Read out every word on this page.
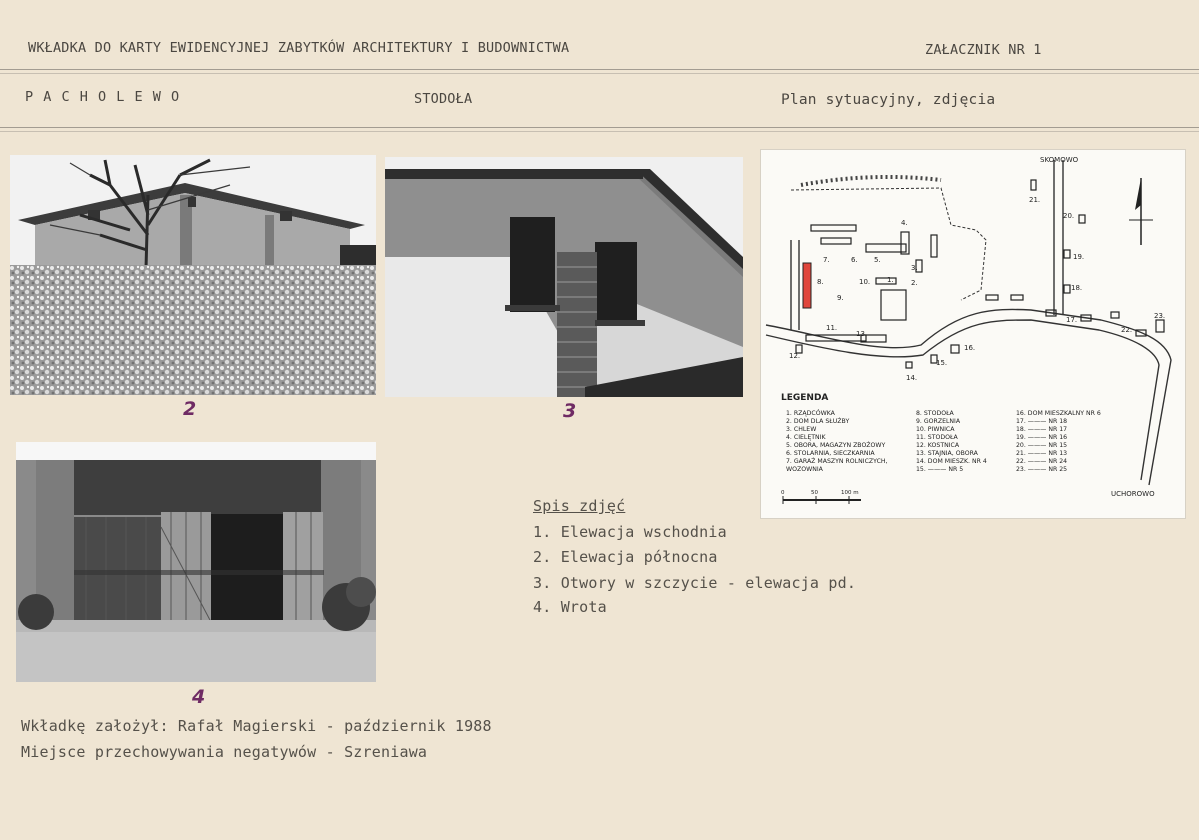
WKŁADKA DO KARTY EWIDENCYJNEJ ZABYTKÓW ARCHITEKTURY I BUDOWNICTWA	ZAŁACZNIK NR 1
P A C H O L E W O	STODOŁA	Plan sytuacyjny, zdjęcia
2	3
4
12.
11.
13.
8.
9.
10.
7.	6. 5.
4.
3.
2.
1.
14.
15.
16.
17.
18.
19.
20.
21.
22.
23.
SKOMOWO
UCHOROWO
LEGENDA
1. RZĄDCÓWKA
2. DOM DLA SŁUŻBY
3. CHLEW
4. CIELĘTNIK
5. OBORA, MAGAZYN ZBOŻOWY
6. STOLARNIA, SIECZKARNIA
7. GARAŻ MASZYN ROLNICZYCH,
WOZOWNIA
8. STODOŁA
9. GORZELNIA
10. PIWNICA
11. STODOŁA
12. KOSTNICA
13. STAJNIA, OBORA
14. DOM MIESZK. NR 4
15. ——— NR 5
16. DOM MIESZKALNY NR 6
17. ——— NR 18
18. ——— NR 17
19. ——— NR 16
20. ——— NR 15
21. ——— NR 13
22. ——— NR 24
23. ——— NR 25
0	50	100 m
Spis zdjęć
1. Elewacja wschodnia
2. Elewacja północna
3. Otwory w szczycie - elewacja pd.
4. Wrota
Wkładkę założył: Rafał Magierski - październik 1988
Miejsce przechowywania negatywów - Szreniawa
